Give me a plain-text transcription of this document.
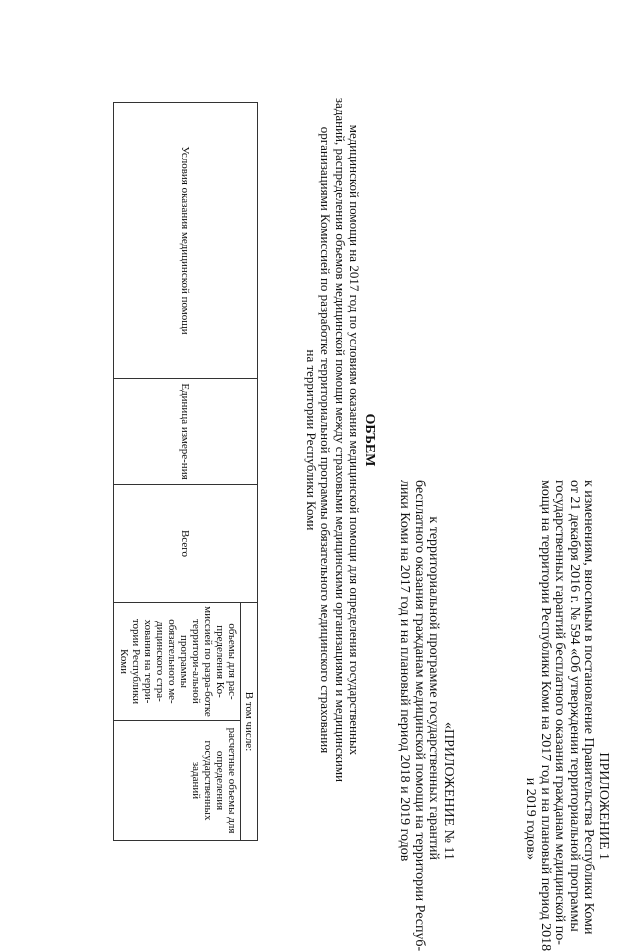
ПРИЛОЖЕНИЕ 1
к изменениям, вносимым в постановление Правительства Республики Коми
от 21 декабря 2016 г. № 594 «Об утверждении территориальной программы
государственных гарантий бесплатного оказания гражданам медицинской по-
мощи на территории Республики Коми на 2017 год и на плановый период 2018
и 2019 годов»
«ПРИЛОЖЕНИЕ № 11
к территориальной программе государственных гарантий
бесплатного оказания гражданам медицинской помощи на территории Респуб-
лики Коми на 2017 год и на плановый период 2018 и 2019 годов
ОБЪЕМ
медицинской помощи на 2017 год по условиям оказания медицинской помощи для определения государственных
заданий, распределения объемов медицинской помощи между страховыми медицинскими организациями и медицинскими
организациями Комиссией по разработке территориальной программы обязательного медицинского страхования
на территории Республики Коми
Условия оказания медицинской помощи	Единица измере-ния	Всего	В том числе:	
			объемы для рас-пределения Ко-миссией по разра-ботке территори-альной программы обязательного ме-дицинского стра-хования на терри-тории Республики Коми	расчетные объемы для определения государственных заданий
